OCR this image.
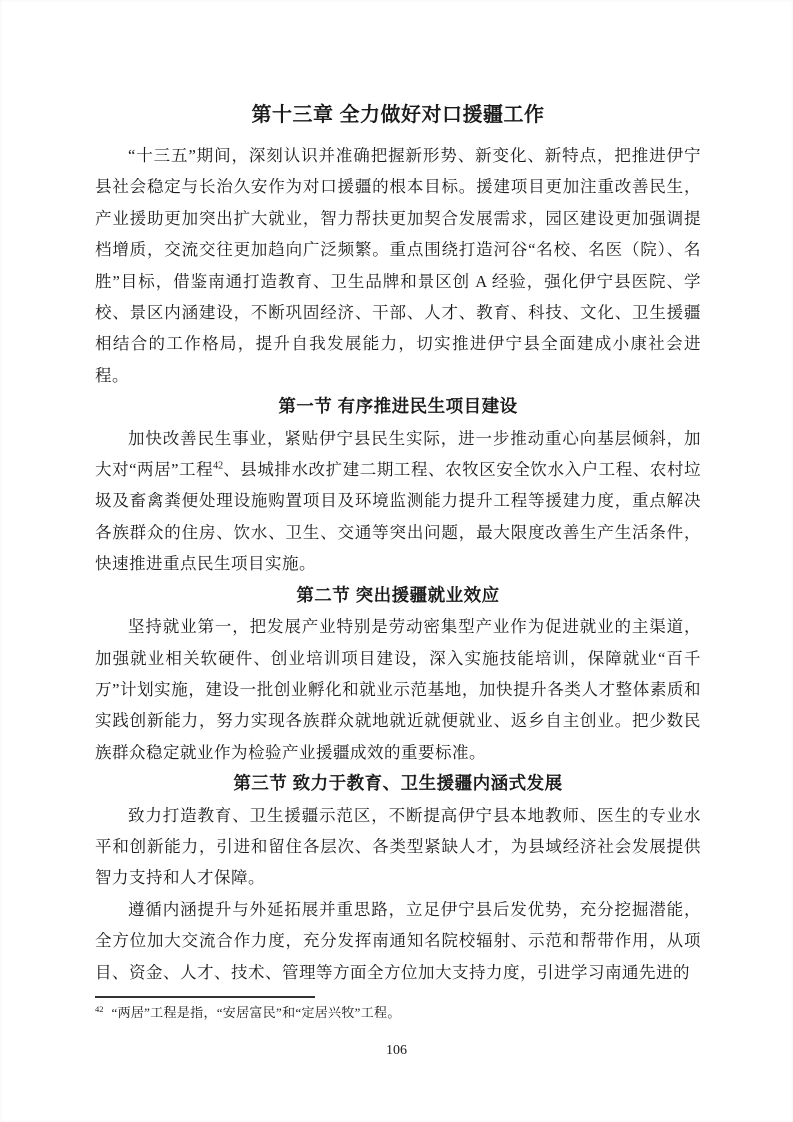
第十三章 全力做好对口援疆工作

“十三五”期间，深刻认识并准确把握新形势、新变化、新特点，把推进伊宁县社会稳定与长治久安作为对口援疆的根本目标。援建项目更加注重改善民生，产业援助更加突出扩大就业，智力帮扶更加契合发展需求，园区建设更加强调提档增质，交流交往更加趋向广泛频繁。重点围绕打造河谷“名校、名医（院）、名胜”目标，借鉴南通打造教育、卫生品牌和景区创 A 经验，强化伊宁县医院、学校、景区内涵建设，不断巩固经济、干部、人才、教育、科技、文化、卫生援疆相结合的工作格局，提升自我发展能力，切实推进伊宁县全面建成小康社会进程。

第一节 有序推进民生项目建设

加快改善民生事业，紧贴伊宁县民生实际，进一步推动重心向基层倾斜，加大对“两居”工程$^{42}$、县城排水改扩建二期工程、农牧区安全饮水入户工程、农村垃圾及畜禽粪便处理设施购置项目及环境监测能力提升工程等援建力度，重点解决各族群众的住房、饮水、卫生、交通等突出问题，最大限度改善生产生活条件，快速推进重点民生项目实施。

第二节 突出援疆就业效应

坚持就业第一，把发展产业特别是劳动密集型产业作为促进就业的主渠道，加强就业相关软硬件、创业培训项目建设，深入实施技能培训，保障就业“百千万”计划实施，建设一批创业孵化和就业示范基地，加快提升各类人才整体素质和实践创新能力，努力实现各族群众就地就近就便就业、返乡自主创业。把少数民族群众稳定就业作为检验产业援疆成效的重要标准。

第三节 致力于教育、卫生援疆内涵式发展

致力打造教育、卫生援疆示范区，不断提高伊宁县本地教师、医生的专业水平和创新能力，引进和留住各层次、各类型紧缺人才，为县域经济社会发展提供智力支持和人才保障。

遵循内涵提升与外延拓展并重思路，立足伊宁县后发优势，充分挖掘潜能，全方位加大交流合作力度，充分发挥南通知名院校辐射、示范和帮带作用，从项目、资金、人才、技术、管理等方面全方位加大支持力度，引进学习南通先进的

$^{42}$ “两居”工程是指，“安居富民”和“定居兴牧”工程。

106
